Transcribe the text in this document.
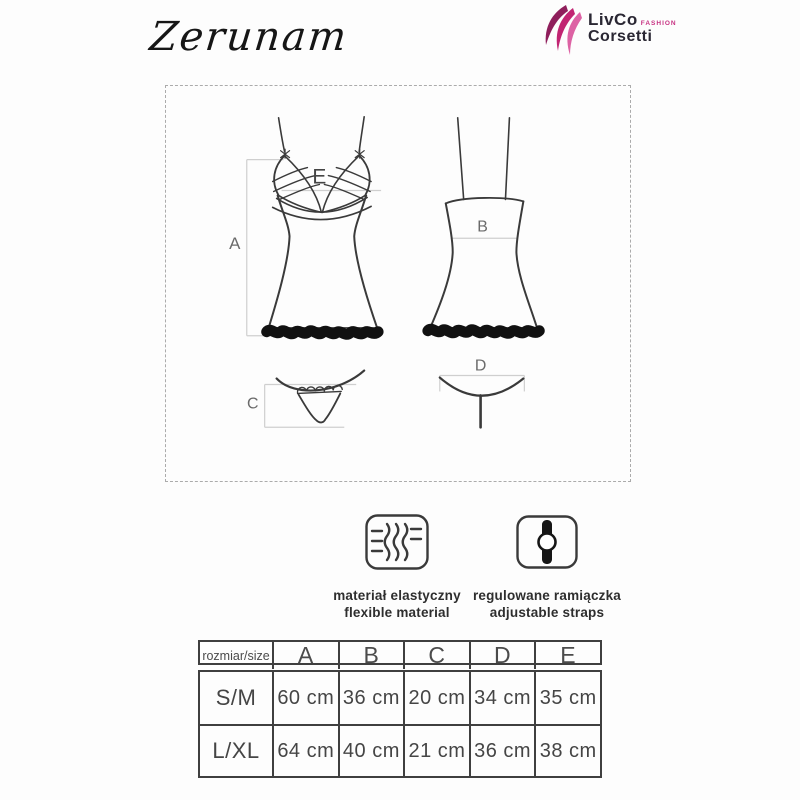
Zerunam	LivCo FASHION
Corsetti
A
B
C
D
E
materiał elastyczny
flexible material
regulowane ramiączka
adjustable straps
rozmiar/size	A	B	C	D	E
S/M	60 cm 36 cm 20 cm 34 cm 35 cm
L/XL 64 cm 40 cm 21 cm 36 cm 38 cm
